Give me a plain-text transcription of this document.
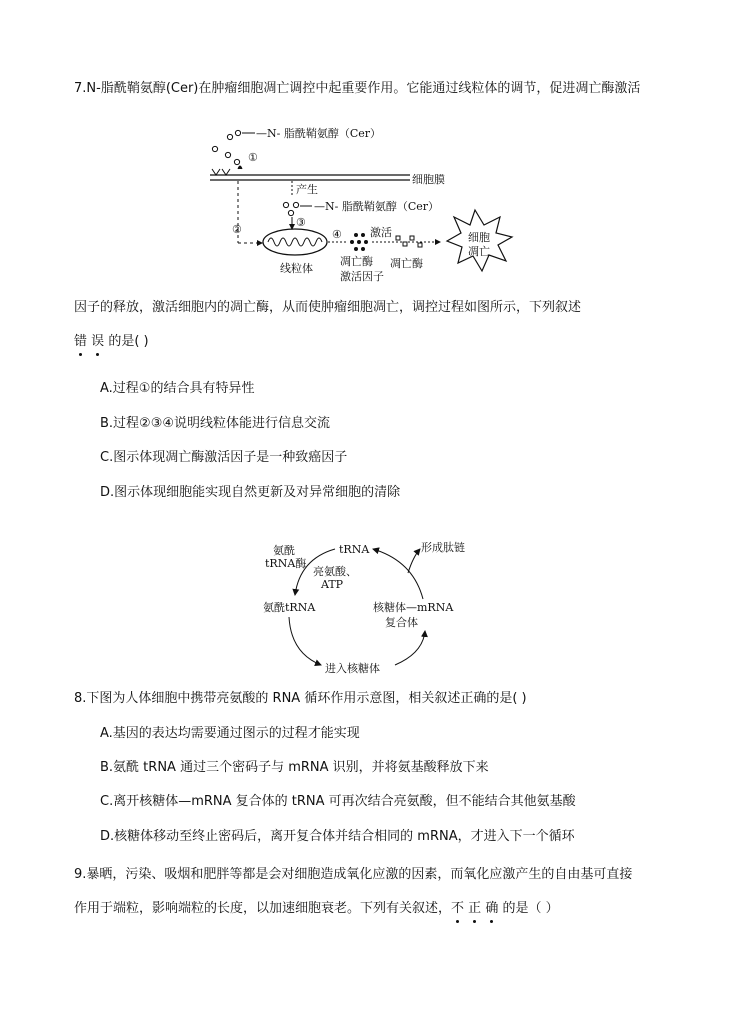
7.N-脂酰鞘氨醇(Cer)在肿瘤细胞凋亡调控中起重要作用。它能通过线粒体的调节，促进凋亡酶激活
—N- 脂酰鞘氨醇（Cer）
①
细胞膜
②
产生
—N- 脂酰鞘氨醇（Cer）
③
线粒体
④	激活
凋亡酶
激活因子
凋亡酶
细胞
凋亡
因子的释放，激活细胞内的凋亡酶，从而使肿瘤细胞凋亡，调控过程如图所示，下列叙述
错 误 的是( )
A.过程①的结合具有特异性
B.过程②③④说明线粒体能进行信息交流
C.图示体现凋亡酶激活因子是一种致癌因子
D.图示体现细胞能实现自然更新及对异常细胞的清除
tRNA
氨酰
tRNA酶
亮氨酸、
ATP
氨酰tRNA	核糖体—mRNA
复合体
进入核糖体
形成肽链
8.下图为人体细胞中携带亮氨酸的 RNA 循环作用示意图，相关叙述正确的是( )
A.基因的表达均需要通过图示的过程才能实现
B.氨酰 tRNA 通过三个密码子与 mRNA 识别，并将氨基酸释放下来
C.离开核糖体—mRNA 复合体的 tRNA 可再次结合亮氨酸，但不能结合其他氨基酸
D.核糖体移动至终止密码后，离开复合体并结合相同的 mRNA，才进入下一个循环
9.暴晒，污染、吸烟和肥胖等都是会对细胞造成氧化应激的因素，而氧化应激产生的自由基可直接
作用于端粒，影响端粒的长度，以加速细胞衰老。下列有关叙述，不 正 确 的是（ ）
